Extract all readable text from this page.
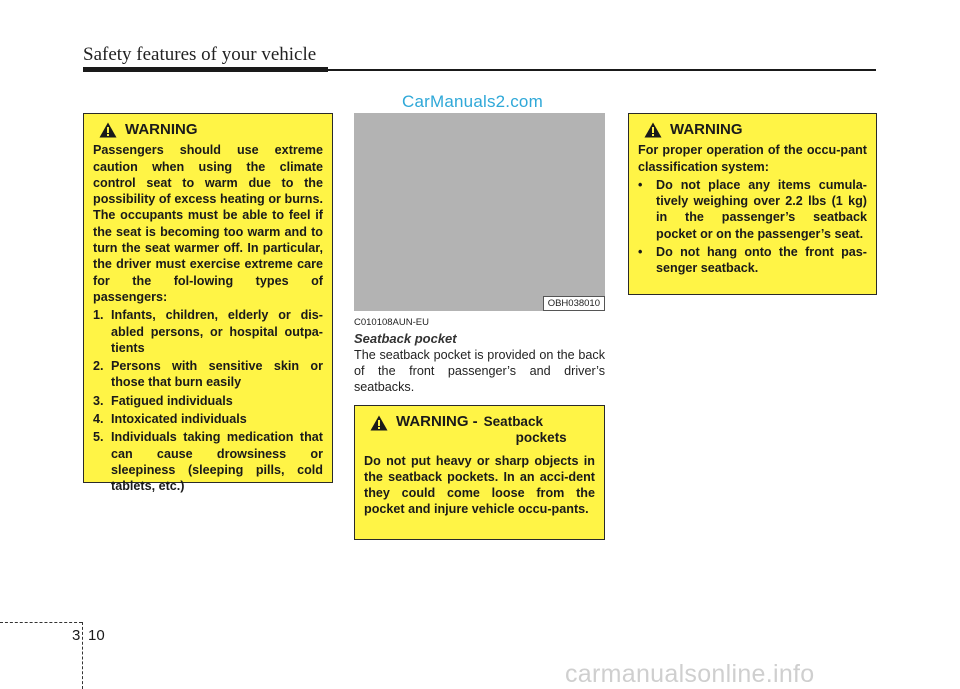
Safety features of your vehicle
CarManuals2.com
WARNING

Passengers should use extreme caution when using the climate control seat to warm due to the possibility of excess heating or burns. The occupants must be able to feel if the seat is becoming too warm and to turn the seat warmer off. In particular, the driver must exercise extreme care for the fol-lowing types of passengers:

1. Infants, children, elderly or dis-abled persons, or hospital outpa-tients
2. Persons with sensitive skin or those that burn easily
3. Fatigued individuals
4. Intoxicated individuals
5. Individuals taking medication that can cause drowsiness or sleepiness (sleeping pills, cold tablets, etc.)
OBH038010
C010108AUN-EU
Seatback pocket

The seatback pocket is provided on the back of the front passenger’s and driver’s seatbacks.

WARNING - Seatback
pockets

Do not put heavy or sharp objects in the seatback pockets. In an acci-dent they could come loose from the pocket and injure vehicle occu-pants.

WARNING

For proper operation of the occu-pant classification system:

• Do not place any items cumula-tively weighing over 2.2 lbs (1 kg) in the passenger’s seatback pocket or on the passenger’s seat.
• Do not hang onto the front pas-senger seatback.
3 10
carmanualsonline.info
